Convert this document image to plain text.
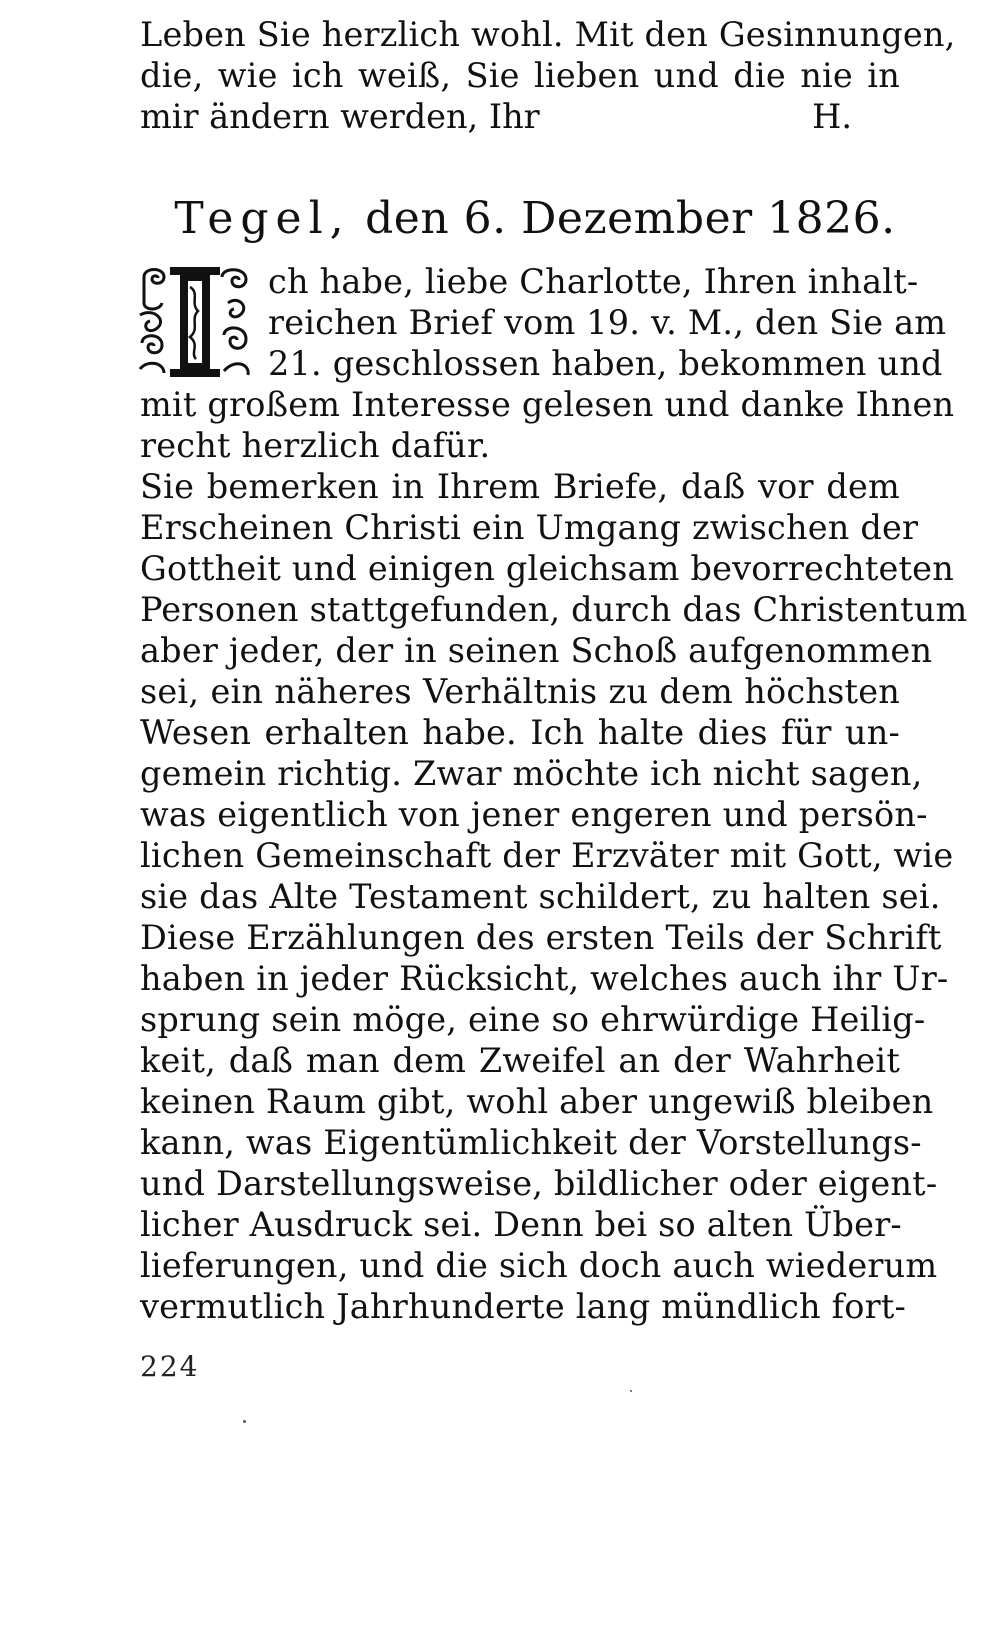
Leben Sie herzlich wohl. Mit den Gesinnungen,
die, wie ich weiß, Sie lieben und die nie in
mir ändern werden, Ihr	H.
Tegel, den 6. Dezember 1826.
ch habe, liebe Charlotte, Ihren inhalt-
reichen Brief vom 19. v. M., den Sie am
21. geschlossen haben, bekommen und
mit großem Interesse gelesen und danke Ihnen
recht herzlich dafür.
Sie bemerken in Ihrem Briefe, daß vor dem
Erscheinen Christi ein Umgang zwischen der
Gottheit und einigen gleichsam bevorrechteten
Personen stattgefunden, durch das Christentum
aber jeder, der in seinen Schoß aufgenommen
sei, ein näheres Verhältnis zu dem höchsten
Wesen erhalten habe. Ich halte dies für un-
gemein richtig. Zwar möchte ich nicht sagen,
was eigentlich von jener engeren und persön-
lichen Gemeinschaft der Erzväter mit Gott, wie
sie das Alte Testament schildert, zu halten sei.
Diese Erzählungen des ersten Teils der Schrift
haben in jeder Rücksicht, welches auch ihr Ur-
sprung sein möge, eine so ehrwürdige Heilig-
keit, daß man dem Zweifel an der Wahrheit
keinen Raum gibt, wohl aber ungewiß bleiben
kann, was Eigentümlichkeit der Vorstellungs-
und Darstellungsweise, bildlicher oder eigent-
licher Ausdruck sei. Denn bei so alten Über-
lieferungen, und die sich doch auch wiederum
vermutlich Jahrhunderte lang mündlich fort-
224
